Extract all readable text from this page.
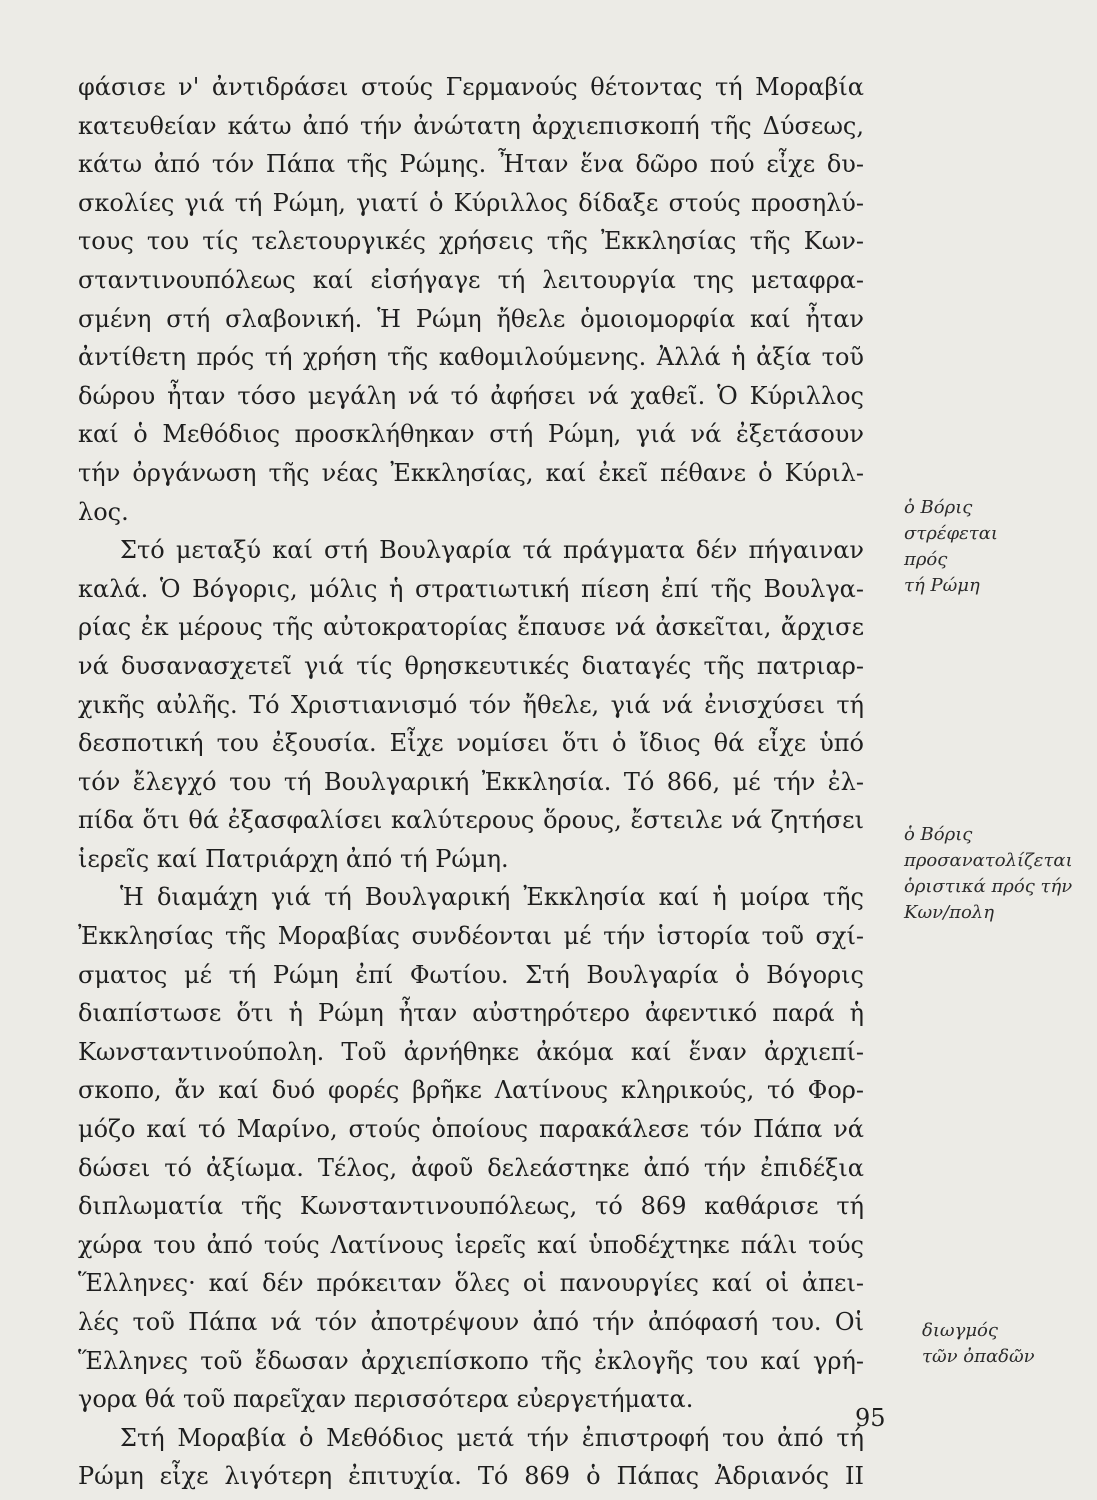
φάσισε ν' ἀντιδράσει στούς Γερμανούς θέτοντας τή Μοραβία
κατευθείαν κάτω ἀπό τήν ἀνώτατη ἀρχιεπισκοπή τῆς Δύσεως,
κάτω ἀπό τόν Πάπα τῆς Ρώμης. Ἦταν ἕνα δῶρο πού εἶχε δυ-
σκολίες γιά τή Ρώμη, γιατί ὁ Κύριλλος δίδαξε στούς προσηλύ-
τους του τίς τελετουργικές χρήσεις τῆς Ἐκκλησίας τῆς Κων-
σταντινουπόλεως καί εἰσήγαγε τή λειτουργία της μεταφρα-
σμένη στή σλαβονική. Ἡ Ρώμη ἤθελε ὁμοιομορφία καί ἦταν
ἀντίθετη πρός τή χρήση τῆς καθομιλούμενης. Ἀλλά ἡ ἀξία τοῦ
δώρου ἦταν τόσο μεγάλη νά τό ἀφήσει νά χαθεῖ. Ὁ Κύριλλος
καί ὁ Μεθόδιος προσκλήθηκαν στή Ρώμη, γιά νά ἐξετάσουν
τήν ὀργάνωση τῆς νέας Ἐκκλησίας, καί ἐκεῖ πέθανε ὁ Κύριλ-
λος.
Στό μεταξύ καί στή Βουλγαρία τά πράγματα δέν πήγαιναν
καλά. Ὁ Βόγορις, μόλις ἡ στρατιωτική πίεση ἐπί τῆς Βουλγα-
ρίας ἐκ μέρους τῆς αὐτοκρατορίας ἔπαυσε νά ἀσκεῖται, ἄρχισε
νά δυσανασχετεῖ γιά τίς θρησκευτικές διαταγές τῆς πατριαρ-
χικῆς αὐλῆς. Τό Χριστιανισμό τόν ἤθελε, γιά νά ἐνισχύσει τή
δεσποτική του ἐξουσία. Εἶχε νομίσει ὅτι ὁ ἴδιος θά εἶχε ὑπό
τόν ἔλεγχό του τή Βουλγαρική Ἐκκλησία. Τό 866, μέ τήν ἐλ-
πίδα ὅτι θά ἐξασφαλίσει καλύτερους ὅρους, ἔστειλε νά ζητήσει
ἱερεῖς καί Πατριάρχη ἀπό τή Ρώμη.
Ἡ διαμάχη γιά τή Βουλγαρική Ἐκκλησία καί ἡ μοίρα τῆς
Ἐκκλησίας τῆς Μοραβίας συνδέονται μέ τήν ἱστορία τοῦ σχί-
σματος μέ τή Ρώμη ἐπί Φωτίου. Στή Βουλγαρία ὁ Βόγορις
διαπίστωσε ὅτι ἡ Ρώμη ἦταν αὐστηρότερο ἀφεντικό παρά ἡ
Κωνσταντινούπολη. Τοῦ ἀρνήθηκε ἀκόμα καί ἕναν ἀρχιεπί-
σκοπο, ἄν καί δυό φορές βρῆκε Λατίνους κληρικούς, τό Φορ-
μόζο καί τό Μαρίνο, στούς ὁποίους παρακάλεσε τόν Πάπα νά
δώσει τό ἀξίωμα. Τέλος, ἀφοῦ δελεάστηκε ἀπό τήν ἐπιδέξια
διπλωματία τῆς Κωνσταντινουπόλεως, τό 869 καθάρισε τή
χώρα του ἀπό τούς Λατίνους ἱερεῖς καί ὑποδέχτηκε πάλι τούς
Ἕλληνες· καί δέν πρόκειταν ὅλες οἱ πανουργίες καί οἱ ἀπει-
λές τοῦ Πάπα νά τόν ἀποτρέψουν ἀπό τήν ἀπόφασή του. Οἱ
Ἕλληνες τοῦ ἔδωσαν ἀρχιεπίσκοπο τῆς ἐκλογῆς του καί γρή-
γορα θά τοῦ παρεῖχαν περισσότερα εὐεργετήματα.
Στή Μοραβία ὁ Μεθόδιος μετά τήν ἐπιστροφή του ἀπό τή
Ρώμη εἶχε λιγότερη ἐπιτυχία. Τό 869 ὁ Πάπας Ἀδριανός ΙΙ
ὁ Βόρις
στρέφεται
πρός
τή Ρώμη
ὁ Βόρις
προσανατολίζεται
ὁριστικά πρός τήν
Κων/πολη
διωγμός
τῶν ὀπαδῶν
95
